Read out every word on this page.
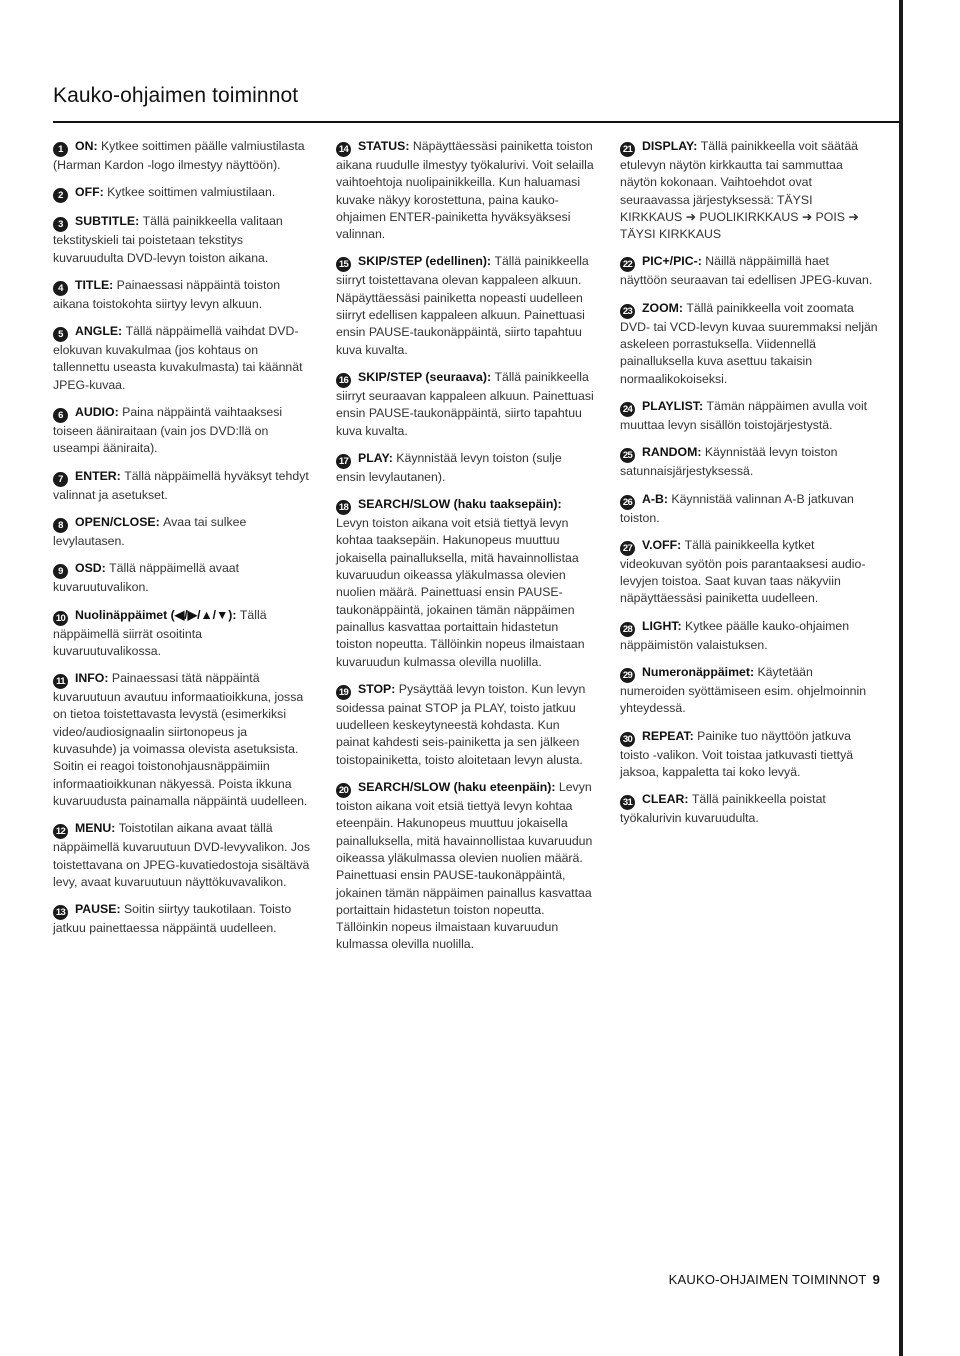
Kauko-ohjaimen toiminnot

1 ON: Kytkee soittimen päälle valmiustilasta (Harman Kardon -logo ilmestyy näyttöön).

2 OFF: Kytkee soittimen valmiustilaan.

3 SUBTITLE: Tällä painikkeella valitaan tekstityskieli tai poistetaan tekstitys kuvaruudulta DVD-levyn toiston aikana.

4 TITLE: Painaessasi näppäintä toiston aikana toistokohta siirtyy levyn alkuun.

5 ANGLE: Tällä näppäimellä vaihdat DVD-elokuvan kuvakulmaa (jos kohtaus on tallennettu useasta kuvakulmasta) tai käännät JPEG-kuvaa.

6 AUDIO: Paina näppäintä vaihtaaksesi toiseen ääniraitaan (vain jos DVD:llä on useampi ääniraita).

7 ENTER: Tällä näppäimellä hyväksyt tehdyt valinnat ja asetukset.

8 OPEN/CLOSE: Avaa tai sulkee levylautasen.

9 OSD: Tällä näppäimellä avaat kuvaruutuvalikon.

10 Nuolinäppäimet (◀/▶/▲/▼): Tällä näppäimellä siirrät osoitinta kuvaruutuvalikossa.

11 INFO: Painaessasi tätä näppäintä kuvaruutuun avautuu informaatioikkuna, jossa on tietoa toistettavasta levystä (esimerkiksi video/audiosignaalin siirtonopeus ja kuvasuhde) ja voimassa olevista asetuksista. Soitin ei reagoi toistonohjausnäppäimiin informaatioikkunan näkyessä. Poista ikkuna kuvaruudusta painamalla näppäintä uudelleen.

12 MENU: Toistotilan aikana avaat tällä näppäimellä kuvaruutuun DVD-levyvalikon. Jos toistettavana on JPEG-kuvatiedostoja sisältävä levy, avaat kuvaruutuun näyttökuvavalikon.

13 PAUSE: Soitin siirtyy taukotilaan. Toisto jatkuu painettaessa näppäintä uudelleen.

14 STATUS: Näpäyttäessäsi painiketta toiston aikana ruudulle ilmestyy työkalurivi. Voit selailla vaihtoehtoja nuolipainikkeilla. Kun haluamasi kuvake näkyy korostettuna, paina kauko-ohjaimen ENTER-painiketta hyväksyäksesi valinnan.

15 SKIP/STEP (edellinen): Tällä painikkeella siirryt toistettavana olevan kappaleen alkuun. Näpäyttäessäsi painiketta nopeasti uudelleen siirryt edellisen kappaleen alkuun. Painettuasi ensin PAUSE-taukonäppäintä, siirto tapahtuu kuva kuvalta.

16 SKIP/STEP (seuraava): Tällä painikkeella siirryt seuraavan kappaleen alkuun. Painettuasi ensin PAUSE-taukonäppäintä, siirto tapahtuu kuva kuvalta.

17 PLAY: Käynnistää levyn toiston (sulje ensin levylautanen).

18 SEARCH/SLOW (haku taaksepäin):Levyn toiston aikana voit etsiä tiettyä levyn kohtaa taaksepäin. Hakunopeus muuttuu jokaisella painalluksella, mitä havainnollistaa kuvaruudun oikeassa yläkulmassa olevien nuolien määrä. Painettuasi ensin PAUSE-taukonäppäintä, jokainen tämän näppäimen painallus kasvattaa portaittain hidastetun toiston nopeutta. Tällöinkin nopeus ilmaistaan kuvaruudun kulmassa olevilla nuolilla.

19 STOP: Pysäyttää levyn toiston. Kun levyn soidessa painat STOP ja PLAY, toisto jatkuu uudelleen keskeytyneestä kohdasta. Kun painat kahdesti seis-painiketta ja sen jälkeen toistopainiketta, toisto aloitetaan levyn alusta.

20 SEARCH/SLOW (haku eteenpäin): Levyn toiston aikana voit etsiä tiettyä levyn kohtaa eteenpäin. Hakunopeus muuttuu jokaisella painalluksella, mitä havainnollistaa kuvaruudun oikeassa yläkulmassa olevien nuolien määrä. Painettuasi ensin PAUSE-taukonäppäintä, jokainen tämän näppäimen painallus kasvattaa portaittain hidastetun toiston nopeutta. Tällöinkin nopeus ilmaistaan kuvaruudun kulmassa olevilla nuolilla.

21 DISPLAY: Tällä painikkeella voit säätää etulevyn näytön kirkkautta tai sammuttaa näytön kokonaan. Vaihtoehdot ovat seuraavassa järjestyksessä: TÄYSI KIRKKAUS ➜ PUOLIKIRKKAUS ➜ POIS ➜ TÄYSI KIRKKAUS

22 PIC+/PIC-: Näillä näppäimillä haet näyttöön seuraavan tai edellisen JPEG-kuvan.

23 ZOOM: Tällä painikkeella voit zoomata DVD- tai VCD-levyn kuvaa suuremmaksi neljän askeleen porrastuksella. Viidennellä painalluksella kuva asettuu takaisin normaalikokoiseksi.

24 PLAYLIST: Tämän näppäimen avulla voit muuttaa levyn sisällön toistojärjestystä.

25 RANDOM: Käynnistää levyn toiston satunnaisjärjestyksessä.

26 A-B: Käynnistää valinnan A-B jatkuvan toiston.

27 V.OFF: Tällä painikkeella kytket videokuvan syötön pois parantaaksesi audio-levyjen toistoa. Saat kuvan taas näkyviin näpäyttäessäsi painiketta uudelleen.

28 LIGHT: Kytkee päälle kauko-ohjaimen näppäimistön valaistuksen.

29 Numeronäppäimet: Käytetään numeroiden syöttämiseen esim. ohjelmoinnin yhteydessä.

30 REPEAT: Painike tuo näyttöön jatkuva toisto -valikon. Voit toistaa jatkuvasti tiettyä jaksoa, kappaletta tai koko levyä.

31 CLEAR: Tällä painikkeella poistat työkalurivin kuvaruudulta.

KAUKO-OHJAIMEN TOIMINNOT 9
